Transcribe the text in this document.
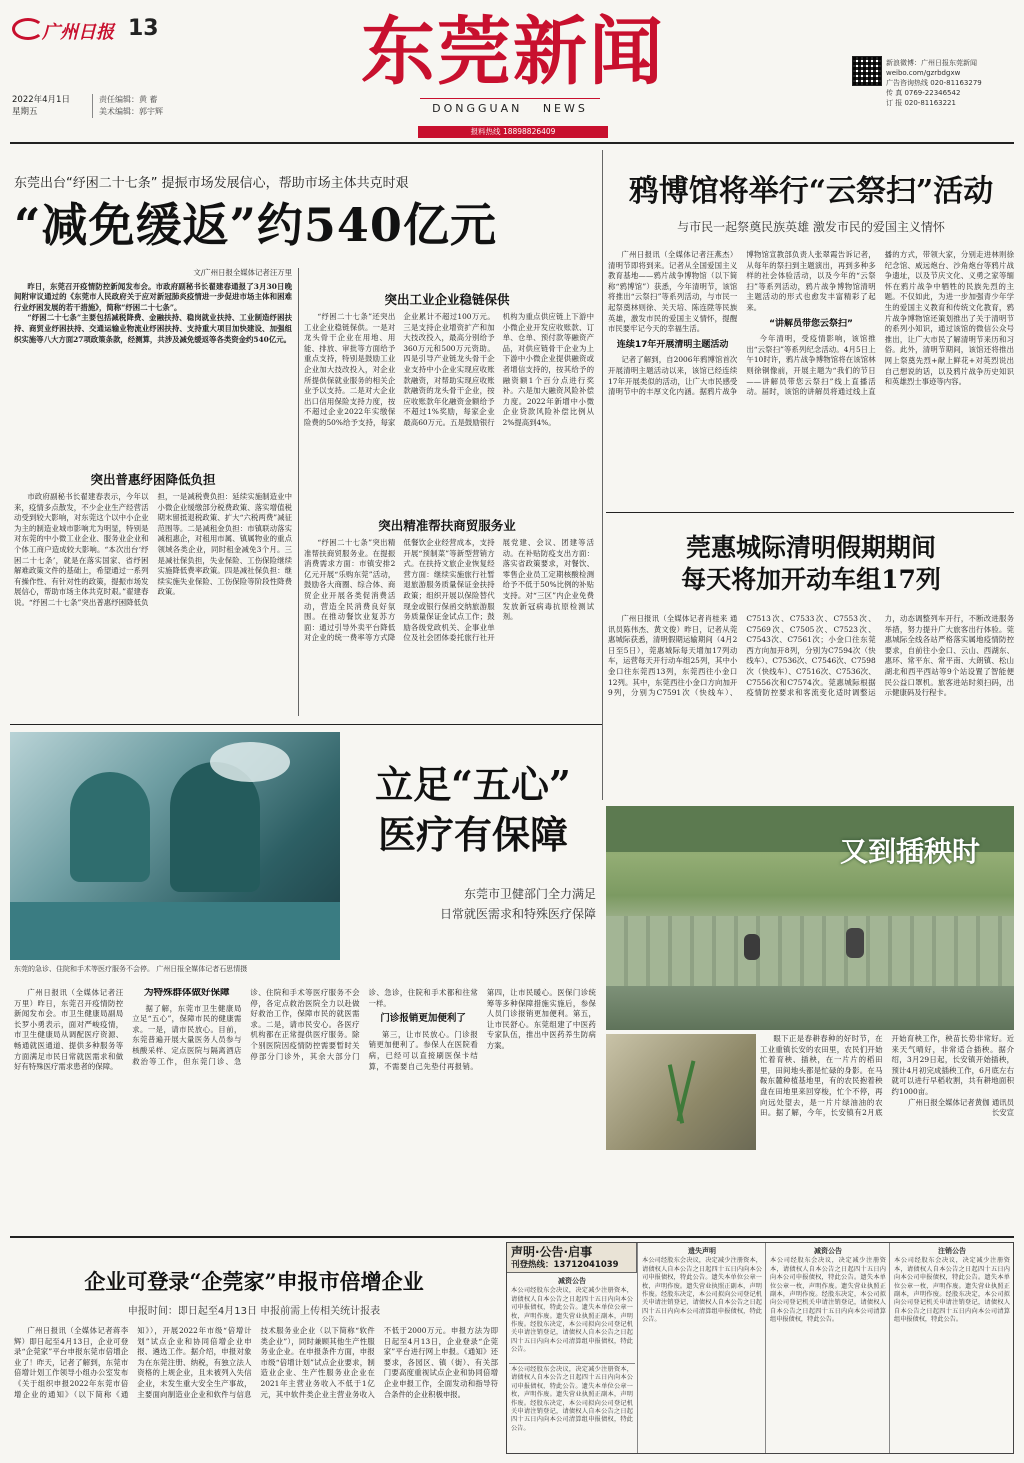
广州日报 13
2022年4月1日
星期五
责任编辑：黄 蓄
美术编辑：郭宇辉
东莞新闻
DONGGUAN NEWS
报料热线 18898826409
新浪微博：广州日报东莞新闻
weibo.com/gzrbdgxw
广告咨询热线 020-81163279
传 真 0769-22346542
订 报 020-81163221
东莞出台“纾困二十七条” 提振市场发展信心，帮助市场主体共克时艰
“减免缓返”约540亿元
文/广州日报全媒体记者汪万里

昨日，东莞召开疫情防控新闻发布会。市政府副秘书长翟建春通报了3月30日晚间附审议通过的《东莞市人民政府关于应对新冠肺炎疫情进一步促进市场主体和困难行业纾困发展的若干措施》，简称“纾困二十七条”。

“纾困二十七条”主要包括减税降费、金融扶持、稳岗就业扶持、工业制造纾困扶持、商贸业纾困扶持、交通运输业物流业纾困扶持、支持重大项目加快建设、加强组织实施等八大方面27项政策条款，经测算，共涉及减免缓返等各类资金约540亿元。

突出普惠纾困降低负担

市政府副秘书长翟建春表示，今年以来，疫情多点散发，不少企业生产经营活动受到较大影响，对东莞这个以中小企业为主的制造业城市影响尤为明显，特别是对东莞的中小微工业企业、服务业企业和个体工商户造成较大影响。“本次出台‘纾困二十七条’，就是在落实国家、省纾困解难政策文件的基础上，希望通过一系列有操作性、有针对性的政策，提振市场发展信心，帮助市场主体共克时艰。”翟建春说。“纾困二十七条”突出普惠纾困降低负担，一是减税费负担：延续实施制造业中小微企业缓缴部分税费政策、落实增值税期末留抵退税政策、扩大“六税两费”减征范围等。二是减租金负担：市镇联动落实减租惠企，对租用市属、镇属物业的重点领域各类企业，同时租金减免3个月。三是减社保负担，失业保险、工伤保险继续实施降低费率政策。四是减社保负担：继续实施失业保险、工伤保险等阶段性降费政策。

突出工业企业稳链保供

“纾困二十七条”还突出工业企业稳链保供。一是对龙头骨干企业在用地、用能、排放、审批等方面给予重点支持，特别是鼓励工业企业加大技改投入，对企业所提供保就业服务的相关企业予以支持。二是对大企业出口信用保险支持力度，按不超过企业2022年实缴保险费的50%给予支持，每家企业累计不超过100万元。三是支持企业增资扩产和加大技改投入，最高分别给予360万元和500万元资助。四是引导产业链龙头骨干企业支持中小企业实现应收账款融资，对帮助实现应收账款融资的龙头骨干企业，按应收账款年化融资金额给予不超过1%奖励，每家企业最高60万元。五是鼓励银行机构为重点供应链上下游中小微企业开发应收账款、订单、仓单、预付款等融资产品，对供应链骨干企业为上下游中小微企业提供融资或者增信支持的，按其给予的融资额1个百分点进行奖补。六是加大融资风险补偿力度。2022年新增中小微企业贷款风险补偿比例从2%提高到4%。

突出精准帮扶商贸服务业

“纾困二十七条”突出精准帮扶商贸服务业。在提振消费需求方面：市镇安排2亿元开展“乐购东莞”活动，鼓励各大商圈、综合体、商贸企业开展各类促消费活动，营造全民消费良好氛围。在推动餐饮业复苏方面：通过引导外卖平台降低对企业的统一费率等方式降低餐饮企业经营成本，支持开展“预制菜”等新型营销方式。在扶持文旅企业恢复经营方面：继续实施旅行社暂退旅游服务质量保证金扶持政策；组织开展以保险替代现金或银行保函交纳旅游服务质量保证金试点工作；鼓励各级党政机关、企事业单位及社会团体委托旅行社开展党建、会议、团建等活动。在补贴防疫支出方面：落实省政策要求，对餐饮、零售企业员工定期核酸检测给予不低于50%比例的补贴支持。对“三区”内企业免费发放新冠病毒抗原检测试剂。

鸦博馆将举行“云祭扫”活动
与市民一起祭奠民族英雄 激发市民的爱国主义情怀

广州日报讯（全媒体记者汪燕杰）清明节即将到来。记者从全国爱国主义教育基地——鸦片战争博物馆（以下简称“鸦博馆”）获悉，今年清明节，该馆将推出“云祭扫”等系列活动，与市民一起祭奠林则徐、关天培、陈连陞等民族英雄，激发市民的爱国主义情怀，提醒市民要牢记今天的幸福生活。

连续17年开展清明主题活动

记者了解到，自2006年鸦博馆首次开展清明主题活动以来，该馆已经连续17年开展类似的活动，让广大市民感受清明节中的丰厚文化内涵。据鸦片战争博物馆宣教部负责人张翠霞告诉记者，从每年的祭扫到主题演出，再到多种多样的社会体验活动，以及今年的“云祭扫”等系列活动，鸦片战争博物馆清明主题活动的形式也愈发丰富精彩了起来。

“讲解员带您云祭扫”

今年清明，受疫情影响，该馆推出“云祭扫”等系列纪念活动。4月5日上午10时许，鸦片战争博物馆将在该馆林则徐铜像前，开展主题为“我们的节日——讲解员带您云祭扫”线上直播活动。届时，该馆的讲解员将通过线上直播的方式，带领大家，分别走进林则徐纪念馆、威远炮台、沙角炮台等鸦片战争遗址，以及节庆文化、义勇之家等缅怀在鸦片战争中牺牲的民族先烈的主题。不仅如此，为进一步加强青少年学生的爱国主义教育和传统文化教育，鸦片战争博物馆还策划推出了关于清明节的系列小知识，通过该馆的微信公众号推出，让广大市民了解清明节来历和习俗。此外，清明节期间，该馆还将推出网上祭奠先烈+献上鲜花+对英烈说出自己想说的话，以及鸦片战争历史知识和英雄烈士事迹等内容。

莞惠城际清明假期期间
每天将加开动车组17列

广州日报讯（全媒体记者肖桂来 通讯员陈伟杰、黄文俊）昨日，记者从莞惠城际获悉，清明假期运输期间（4月2日至5日），莞惠城际每天增加17列动车，运营每天开行动车组25列，其中小金口往东莞西13列，东莞西往小金口12列。其中，东莞西往小金口方向加开9列，分别为C7591次（快线车）、C7513次、C7533次、C7553次、C7569次、C7505次、C7523次、C7543次、C7561次；小金口往东莞西方向加开8列，分别为C7594次（快线车）、C7536次、C7546次、C7598次（快线车）、C7516次、C7536次、C7556次和C7574次。莞惠城际根据疫情防控要求和客流变化适时调整运力，动态调整列车开行，不断改进服务举措，努力提升广大旅客出行体验。莞惠城际全线各站严格落实属地疫情防控要求，自前往小金口、云山、西湖东、惠环、常平东、常平南、大朗镇、松山湖北和西平西站等9个站设置了智能便民公益口罩机。旅客进站时须扫码，出示健康码及行程卡。

东莞的急诊、住院和手术等医疗服务不会停。 广州日报全媒体记者石思情摄
立足“五心”
医疗有保障
东莞市卫健部门全力满足
日常就医需求和特殊医疗保障

广州日报讯（全媒体记者汪万里）昨日，东莞召开疫情防控新闻发布会。市卫生健康局副局长罗小勇表示，面对严峻疫情，市卫生健康局从调配医疗资源、畅通就医通道、提供多种服务等方面满足市民日常就医需求和做好有特殊医疗需求患者的保障。

为特殊群体做好保障

据了解，东莞市卫生健康局立足“五心”，保障市民的健康需求。一是，请市民放心。目前，东莞普遍开展大量医务人员参与核酸采样、定点医院与隔离酒店救治等工作，但东莞门诊、急诊、住院和手术等医疗服务不会停，各定点救治医院全力以赴做好救治工作，保障市民的就医需求。二是，请市民安心。各医疗机构都在正常提供医疗服务。除个别医院因疫情防控需要暂时关停部分门诊外，其余大部分门诊、急诊，住院和手术都和往常一样。

门诊报销更加便利了

第三，让市民放心。门诊报销更加便利了。参保人在医院看病，已经可以直接刷医保卡结算，不需要自己先垫付再报销。第四，让市民暖心。医保门诊统筹等多种保障措施实施后，参保人员门诊报销更加便利。第五，让市民舒心。东莞组建了中医药专家队伍，推出中医药养生防病方案。

又到插秧时

眼下正是春耕春种的好时节，在工业重镇长安的农田里，农民们开始忙着育秧、插秧，在一片片的稻田里，田间地头都是忙碌的身影。在马鞍东麓种植基地里，有的农民抱着秧盘在田地里来回穿梭，忙个不停，再向远处望去，是一片片绿油油的农田。据了解，今年，长安镇有2月底开始育秧工作，秧苗长势非常好。近来天气晴好，非常适合插秧。据介绍，3月29日起，长安镇开始插秧，预计4月初完成插秧工作，6月底左右就可以进行早稻收割，共有耕地面积约1000亩。

广州日报全媒体记者黄伽 通讯员长安宣

企业可登录“企莞家”申报市倍增企业
申报时间：即日起至4月13日 申报前需上传相关统计报表

广州日报讯（全媒体记者蒋李辉）即日起至4月13日，企业可登录“企莞家”平台申报东莞市倍增企业了！昨天，记者了解到，东莞市倍增计划工作领导小组办公室发布《关于组织申报2022年东莞市倍增企业的通知》（以下简称《通知》），开展2022年市级“倍增计划”试点企业和协同倍增企业申报、遴选工作。据介绍，申报对象为在东莞注册、纳税，有独立法人资格的上规企业，且未被列入失信企业，未发生重大安全生产事故，主要面向制造业企业和软件与信息技术服务业企业（以下简称“软件类企业”），同时兼顾其他生产性服务业企业。在申报条件方面，申报市级“倍增计划”试点企业要求，制造业企业、生产性服务业企业在2021年主营业务收入不低于1亿元，其中软件类企业主营业务收入不低于2000万元。申报方法为即日起至4月13日，企业登录“企莞家”平台进行网上申报。《通知》还要求，各园区、镇（街）、有关部门要高度重视试点企业和协同倍增企业申报工作，全面发动和指导符合条件的企业积极申报。

声明·公告·启事
刊登热线：13712041039
减资公告
本公司经股东会决议，决定减少注册资本，请债权人自本公告之日起四十五日内向本公司申报债权，特此公告。遗失本单位公章一枚，声明作废。遗失营业执照正副本，声明作废。经股东决定，本公司拟向公司登记机关申请注销登记，请债权人自本公告之日起四十五日内向本公司清算组申报债权，特此公告。
本公司经股东会决议，决定减少注册资本，请债权人自本公告之日起四十五日内向本公司申报债权，特此公告。遗失本单位公章一枚，声明作废。遗失营业执照正副本，声明作废。经股东决定，本公司拟向公司登记机关申请注销登记，请债权人自本公告之日起四十五日内向本公司清算组申报债权，特此公告。
遗失声明
本公司经股东会决议，决定减少注册资本，请债权人自本公告之日起四十五日内向本公司申报债权，特此公告。遗失本单位公章一枚，声明作废。遗失营业执照正副本，声明作废。经股东决定，本公司拟向公司登记机关申请注销登记，请债权人自本公告之日起四十五日内向本公司清算组申报债权，特此公告。
减资公告
本公司经股东会决议，决定减少注册资本，请债权人自本公告之日起四十五日内向本公司申报债权，特此公告。遗失本单位公章一枚，声明作废。遗失营业执照正副本，声明作废。经股东决定，本公司拟向公司登记机关申请注销登记，请债权人自本公告之日起四十五日内向本公司清算组申报债权，特此公告。
注销公告
本公司经股东会决议，决定减少注册资本，请债权人自本公告之日起四十五日内向本公司申报债权，特此公告。遗失本单位公章一枚，声明作废。遗失营业执照正副本，声明作废。经股东决定，本公司拟向公司登记机关申请注销登记，请债权人自本公告之日起四十五日内向本公司清算组申报债权，特此公告。
